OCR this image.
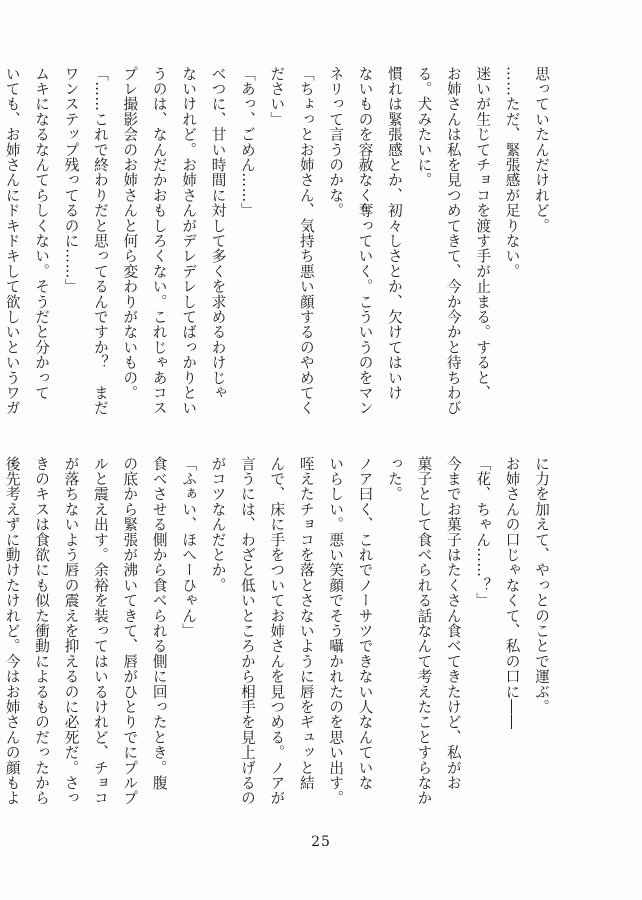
思っていたんだけれど。
……ただ、緊張感が足りない。
迷いが生じてチョコを渡す手が止まる。すると、
お姉さんは私を見つめてきて、今か今かと待ちわび
る。犬みたいに。
慣れは緊張感とか、初々しさとか、欠けてはいけ
ないものを容赦なく奪っていく。こういうのをマン
ネリって言うのかな。
「ちょっとお姉さん、気持ち悪い顔するのやめてく
ださい」
「あっ、ごめん……」
べつに、甘い時間に対して多くを求めるわけじゃ
ないけれど。お姉さんがデレデレしてばっかりとい
うのは、なんだかおもしろくない。これじゃあコス
プレ撮影会のお姉さんと何ら変わりがないもの。
「……これで終わりだと思ってるんですか？　まだ
ワンステップ残ってるのに……」
ムキになるなんてらしくない。そうだと分かって
いても、お姉さんにドキドキして欲しいというワガ
に力を加えて、やっとのことで運ぶ。
お姉さんの口じゃなくて、私の口に――
「花、ちゃん……？」
今までお菓子はたくさん食べてきたけど、私がお
菓子として食べられる話なんて考えたことすらなか
った。
ノア曰く、これでノーサツできない人なんていな
いらしい。悪い笑顔でそう囁かれたのを思い出す。
咥えたチョコを落とさないように唇をギュッと結
んで、床に手をついてお姉さんを見つめる。ノアが
言うには、わざと低いところから相手を見上げるの
がコツなんだとか。
「ふぁい、ほへーひゃん」
食べさせる側から食べられる側に回ったとき。腹
の底から緊張が沸いてきて、唇がひとりでにプルプ
ルと震え出す。余裕を装ってはいるけれど、チョコ
が落ちないよう唇の震えを抑えるのに必死だ。さっ
きのキスは食欲にも似た衝動によるものだったから
後先考えずに動けたけれど。今はお姉さんの顔もよ
25
